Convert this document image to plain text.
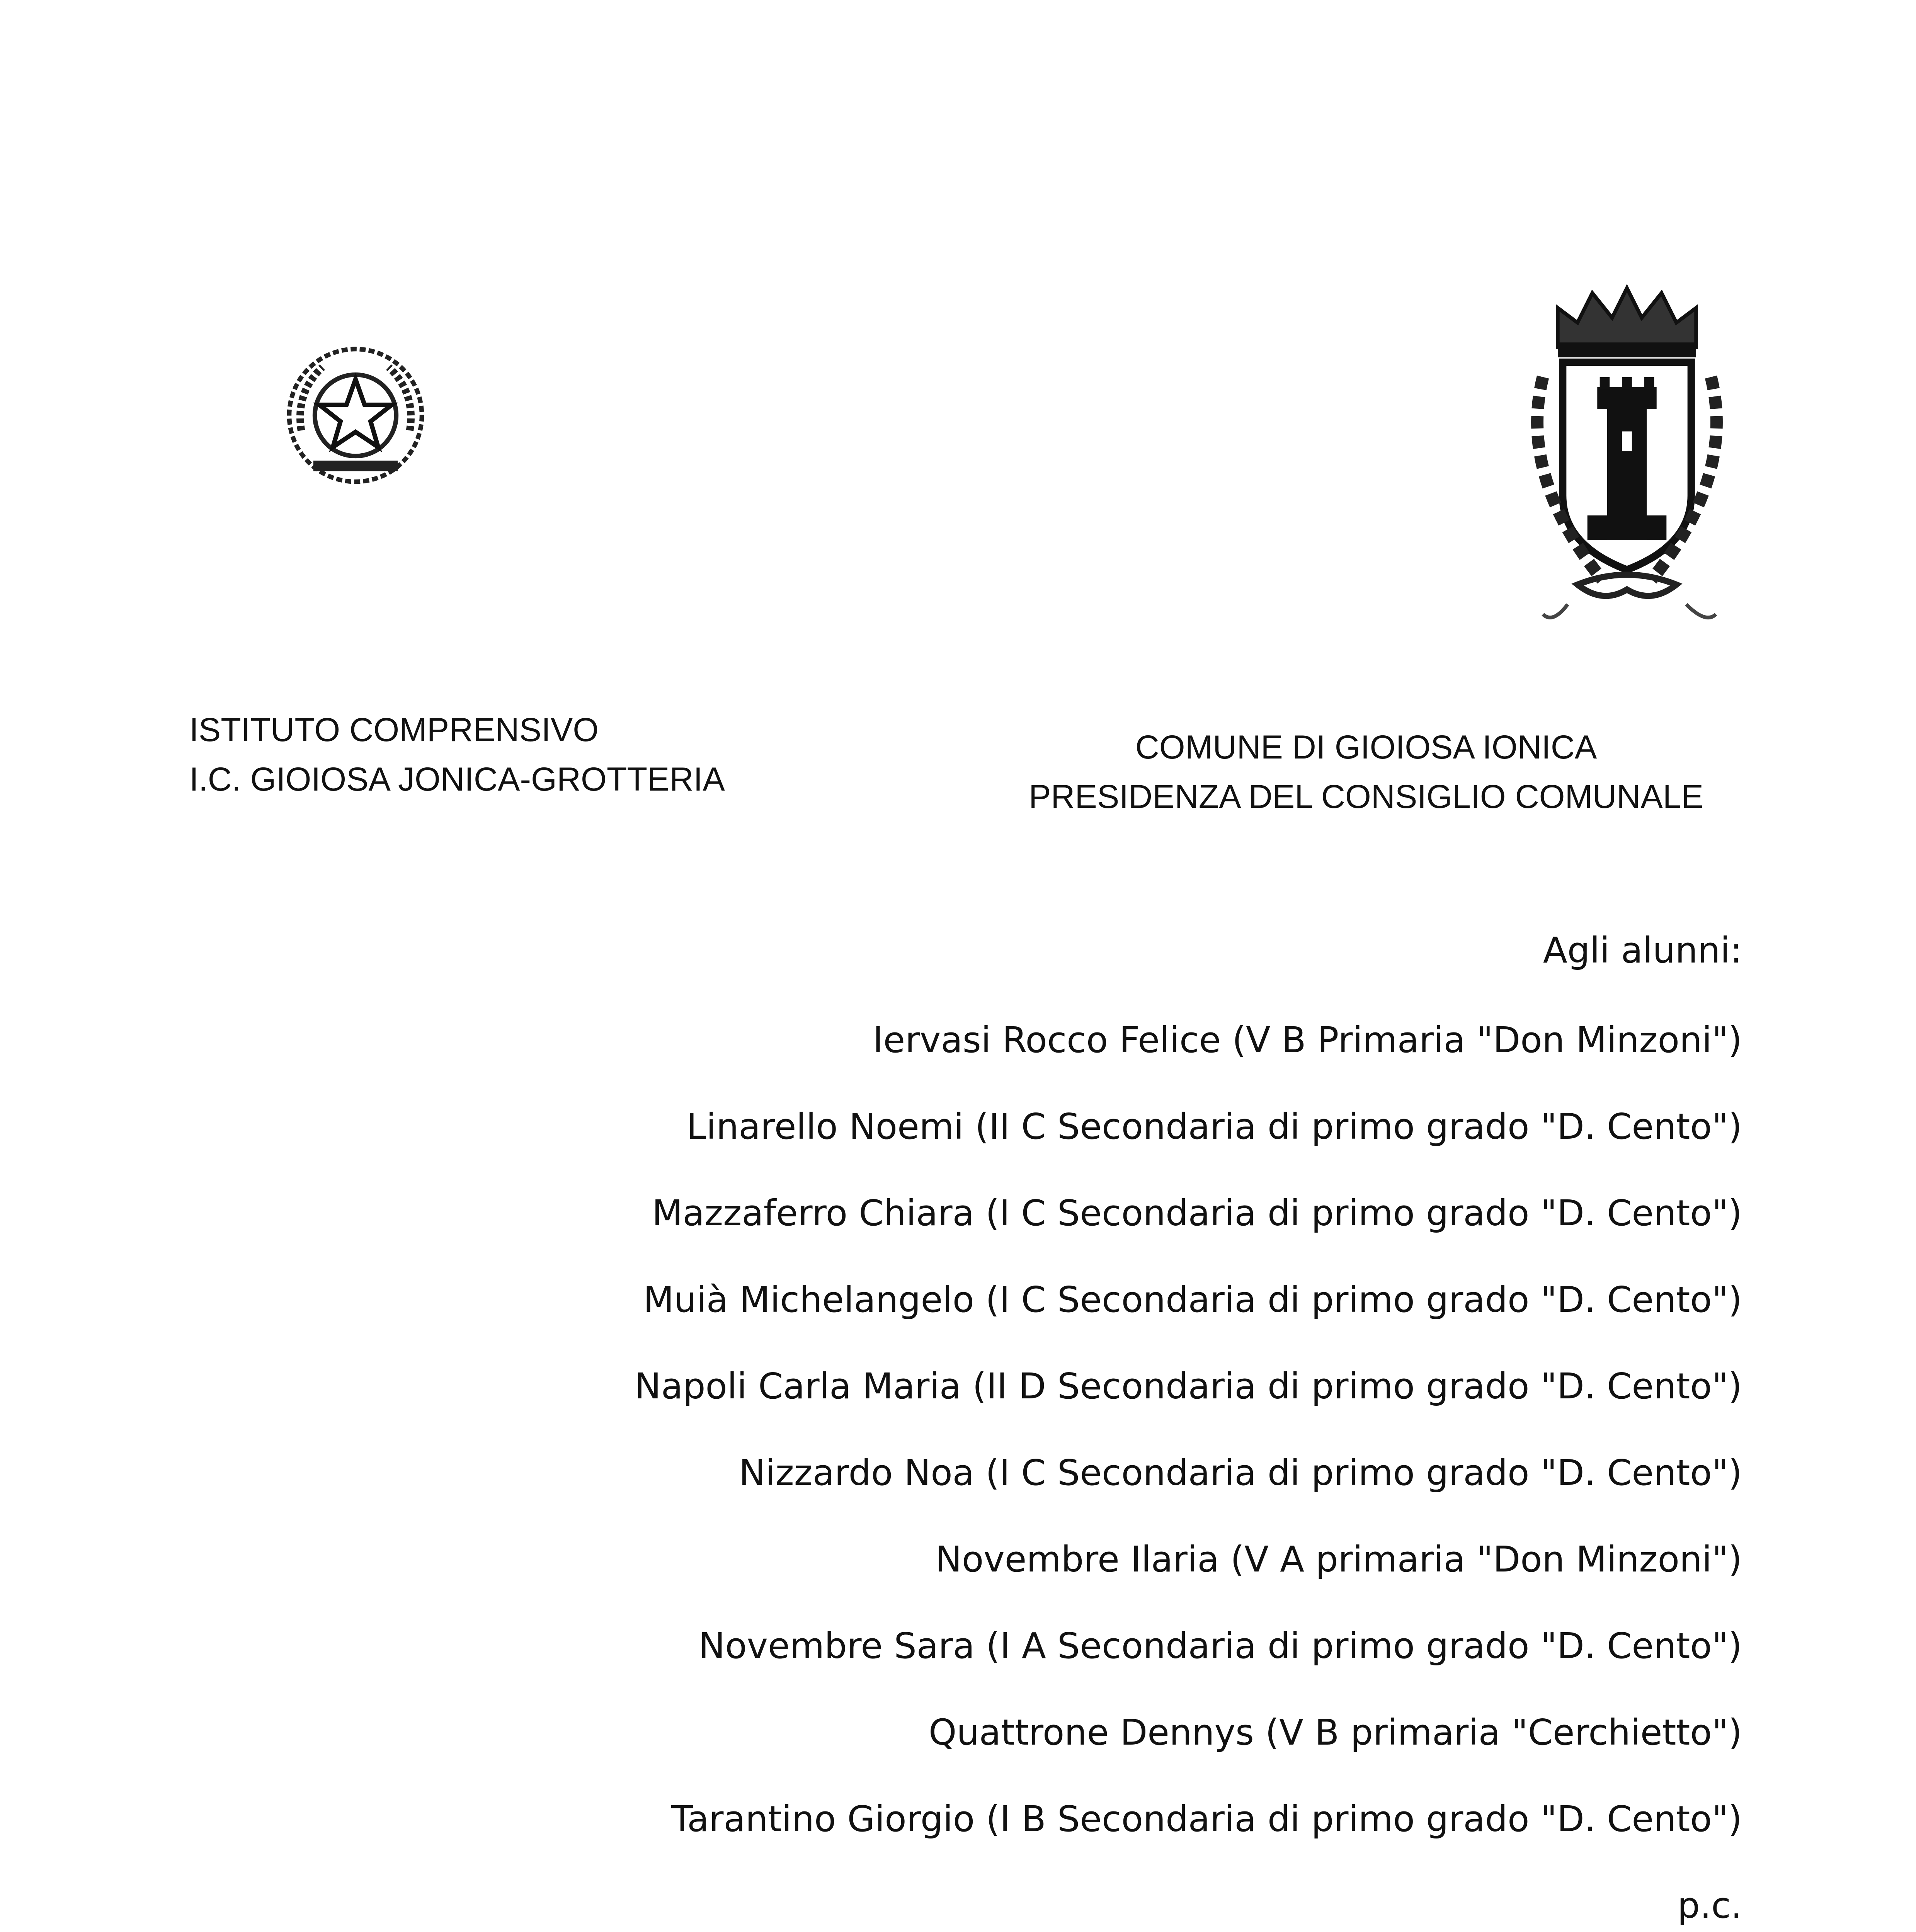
ISTITUTO COMPRENSIVO
I.C. GIOIOSA JONICA-GROTTERIA
COMUNE DI GIOIOSA IONICA
PRESIDENZA DEL CONSIGLIO COMUNALE
Agli alunni:
Iervasi Rocco Felice (V B Primaria "Don Minzoni")
Linarello Noemi (II C Secondaria di primo grado "D. Cento")
Mazzaferro Chiara (I C Secondaria di primo grado "D. Cento")
Muià Michelangelo (I C Secondaria di primo grado "D. Cento")
Napoli Carla Maria (II D Secondaria di primo grado "D. Cento")
Nizzardo Noa (I C Secondaria di primo grado "D. Cento")
Novembre Ilaria (V A primaria "Don Minzoni")
Novembre Sara (I A Secondaria di primo grado "D. Cento")
Quattrone Dennys (V B primaria "Cerchietto")
Tarantino Giorgio (I B Secondaria di primo grado "D. Cento")
p.c.
